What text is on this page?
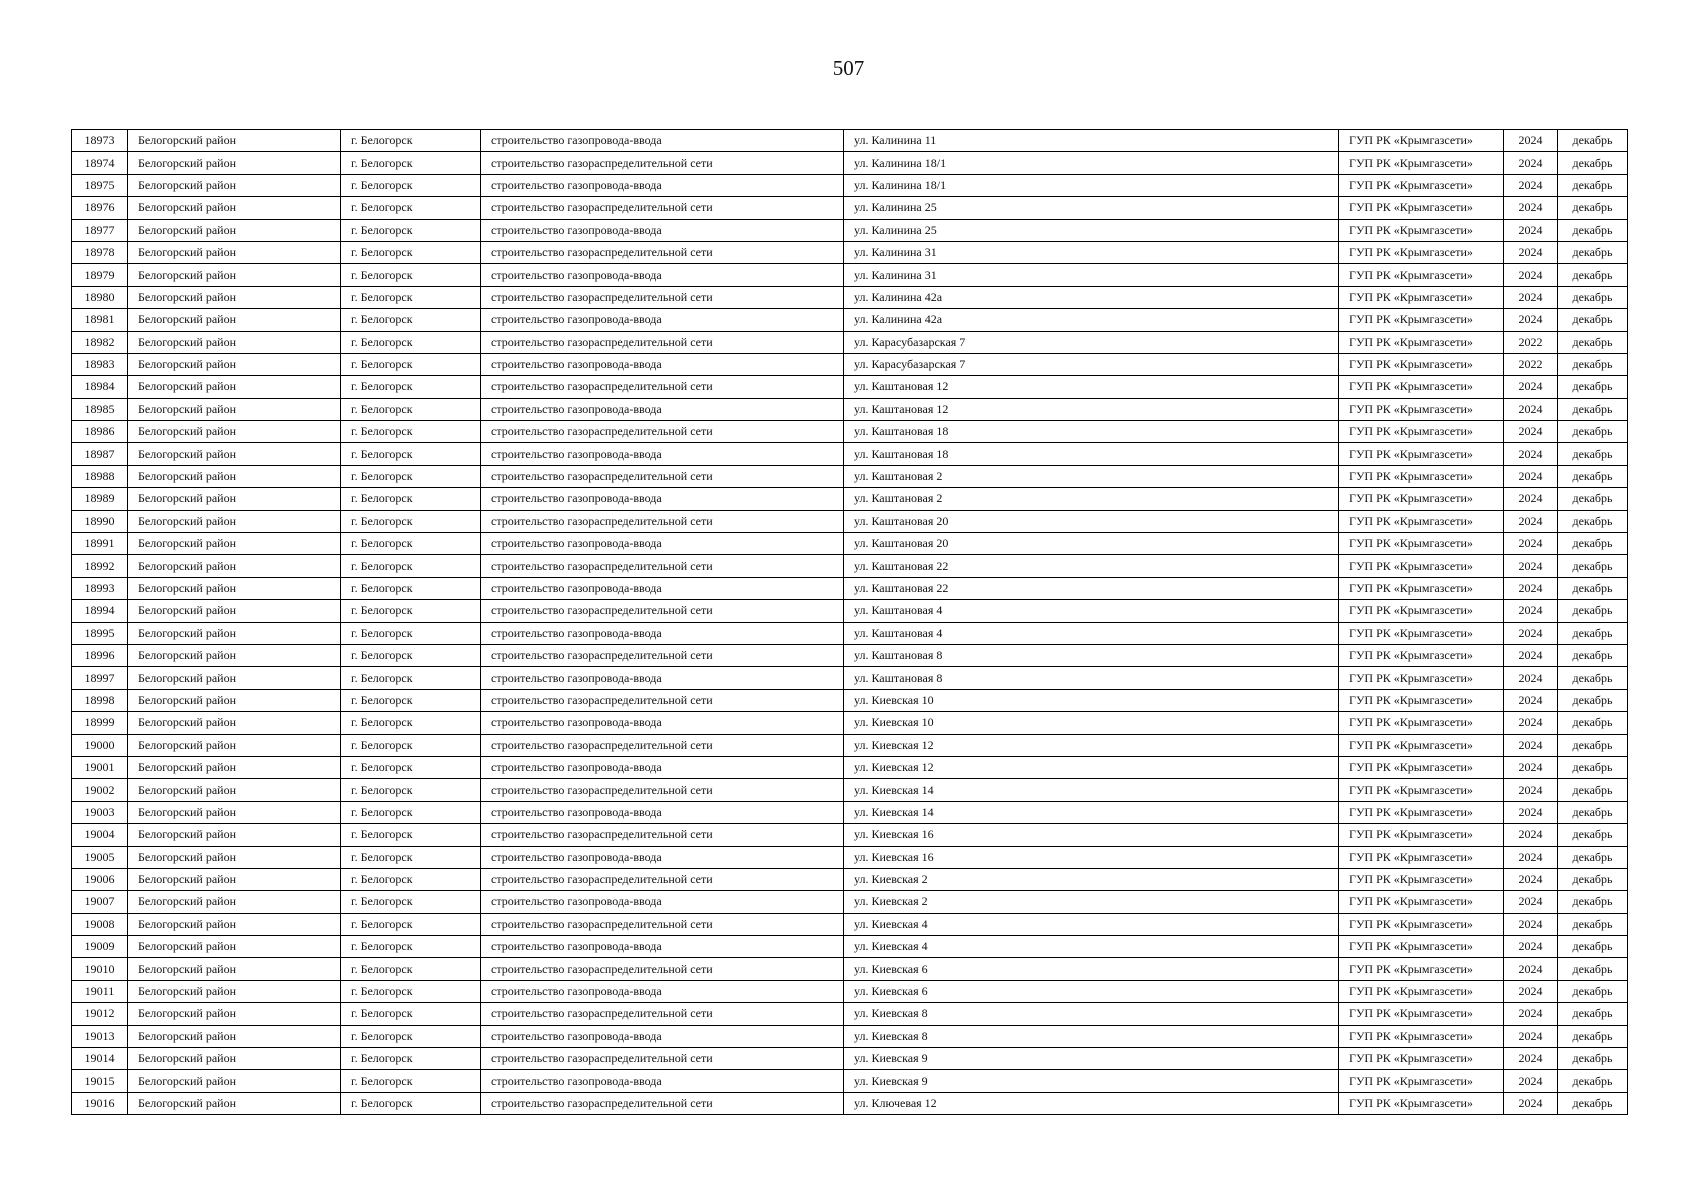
507
18973	Белогорский район	г. Белогорск	строительство газопровода-ввода	ул. Калинина 11	ГУП РК «Крымгазсети»	2024	декабрь
18974	Белогорский район	г. Белогорск	строительство газораспределительной сети	ул. Калинина 18/1	ГУП РК «Крымгазсети»	2024	декабрь
18975	Белогорский район	г. Белогорск	строительство газопровода-ввода	ул. Калинина 18/1	ГУП РК «Крымгазсети»	2024	декабрь
18976	Белогорский район	г. Белогорск	строительство газораспределительной сети	ул. Калинина 25	ГУП РК «Крымгазсети»	2024	декабрь
18977	Белогорский район	г. Белогорск	строительство газопровода-ввода	ул. Калинина 25	ГУП РК «Крымгазсети»	2024	декабрь
18978	Белогорский район	г. Белогорск	строительство газораспределительной сети	ул. Калинина 31	ГУП РК «Крымгазсети»	2024	декабрь
18979	Белогорский район	г. Белогорск	строительство газопровода-ввода	ул. Калинина 31	ГУП РК «Крымгазсети»	2024	декабрь
18980	Белогорский район	г. Белогорск	строительство газораспределительной сети	ул. Калинина 42а	ГУП РК «Крымгазсети»	2024	декабрь
18981	Белогорский район	г. Белогорск	строительство газопровода-ввода	ул. Калинина 42а	ГУП РК «Крымгазсети»	2024	декабрь
18982	Белогорский район	г. Белогорск	строительство газораспределительной сети	ул. Карасубазарская 7	ГУП РК «Крымгазсети»	2022	декабрь
18983	Белогорский район	г. Белогорск	строительство газопровода-ввода	ул. Карасубазарская 7	ГУП РК «Крымгазсети»	2022	декабрь
18984	Белогорский район	г. Белогорск	строительство газораспределительной сети	ул. Каштановая 12	ГУП РК «Крымгазсети»	2024	декабрь
18985	Белогорский район	г. Белогорск	строительство газопровода-ввода	ул. Каштановая 12	ГУП РК «Крымгазсети»	2024	декабрь
18986	Белогорский район	г. Белогорск	строительство газораспределительной сети	ул. Каштановая 18	ГУП РК «Крымгазсети»	2024	декабрь
18987	Белогорский район	г. Белогорск	строительство газопровода-ввода	ул. Каштановая 18	ГУП РК «Крымгазсети»	2024	декабрь
18988	Белогорский район	г. Белогорск	строительство газораспределительной сети	ул. Каштановая 2	ГУП РК «Крымгазсети»	2024	декабрь
18989	Белогорский район	г. Белогорск	строительство газопровода-ввода	ул. Каштановая 2	ГУП РК «Крымгазсети»	2024	декабрь
18990	Белогорский район	г. Белогорск	строительство газораспределительной сети	ул. Каштановая 20	ГУП РК «Крымгазсети»	2024	декабрь
18991	Белогорский район	г. Белогорск	строительство газопровода-ввода	ул. Каштановая 20	ГУП РК «Крымгазсети»	2024	декабрь
18992	Белогорский район	г. Белогорск	строительство газораспределительной сети	ул. Каштановая 22	ГУП РК «Крымгазсети»	2024	декабрь
18993	Белогорский район	г. Белогорск	строительство газопровода-ввода	ул. Каштановая 22	ГУП РК «Крымгазсети»	2024	декабрь
18994	Белогорский район	г. Белогорск	строительство газораспределительной сети	ул. Каштановая 4	ГУП РК «Крымгазсети»	2024	декабрь
18995	Белогорский район	г. Белогорск	строительство газопровода-ввода	ул. Каштановая 4	ГУП РК «Крымгазсети»	2024	декабрь
18996	Белогорский район	г. Белогорск	строительство газораспределительной сети	ул. Каштановая 8	ГУП РК «Крымгазсети»	2024	декабрь
18997	Белогорский район	г. Белогорск	строительство газопровода-ввода	ул. Каштановая 8	ГУП РК «Крымгазсети»	2024	декабрь
18998	Белогорский район	г. Белогорск	строительство газораспределительной сети	ул. Киевская 10	ГУП РК «Крымгазсети»	2024	декабрь
18999	Белогорский район	г. Белогорск	строительство газопровода-ввода	ул. Киевская 10	ГУП РК «Крымгазсети»	2024	декабрь
19000	Белогорский район	г. Белогорск	строительство газораспределительной сети	ул. Киевская 12	ГУП РК «Крымгазсети»	2024	декабрь
19001	Белогорский район	г. Белогорск	строительство газопровода-ввода	ул. Киевская 12	ГУП РК «Крымгазсети»	2024	декабрь
19002	Белогорский район	г. Белогорск	строительство газораспределительной сети	ул. Киевская 14	ГУП РК «Крымгазсети»	2024	декабрь
19003	Белогорский район	г. Белогорск	строительство газопровода-ввода	ул. Киевская 14	ГУП РК «Крымгазсети»	2024	декабрь
19004	Белогорский район	г. Белогорск	строительство газораспределительной сети	ул. Киевская 16	ГУП РК «Крымгазсети»	2024	декабрь
19005	Белогорский район	г. Белогорск	строительство газопровода-ввода	ул. Киевская 16	ГУП РК «Крымгазсети»	2024	декабрь
19006	Белогорский район	г. Белогорск	строительство газораспределительной сети	ул. Киевская 2	ГУП РК «Крымгазсети»	2024	декабрь
19007	Белогорский район	г. Белогорск	строительство газопровода-ввода	ул. Киевская 2	ГУП РК «Крымгазсети»	2024	декабрь
19008	Белогорский район	г. Белогорск	строительство газораспределительной сети	ул. Киевская 4	ГУП РК «Крымгазсети»	2024	декабрь
19009	Белогорский район	г. Белогорск	строительство газопровода-ввода	ул. Киевская 4	ГУП РК «Крымгазсети»	2024	декабрь
19010	Белогорский район	г. Белогорск	строительство газораспределительной сети	ул. Киевская 6	ГУП РК «Крымгазсети»	2024	декабрь
19011	Белогорский район	г. Белогорск	строительство газопровода-ввода	ул. Киевская 6	ГУП РК «Крымгазсети»	2024	декабрь
19012	Белогорский район	г. Белогорск	строительство газораспределительной сети	ул. Киевская 8	ГУП РК «Крымгазсети»	2024	декабрь
19013	Белогорский район	г. Белогорск	строительство газопровода-ввода	ул. Киевская 8	ГУП РК «Крымгазсети»	2024	декабрь
19014	Белогорский район	г. Белогорск	строительство газораспределительной сети	ул. Киевская 9	ГУП РК «Крымгазсети»	2024	декабрь
19015	Белогорский район	г. Белогорск	строительство газопровода-ввода	ул. Киевская 9	ГУП РК «Крымгазсети»	2024	декабрь
19016	Белогорский район	г. Белогорск	строительство газораспределительной сети	ул. Ключевая 12	ГУП РК «Крымгазсети»	2024	декабрь
